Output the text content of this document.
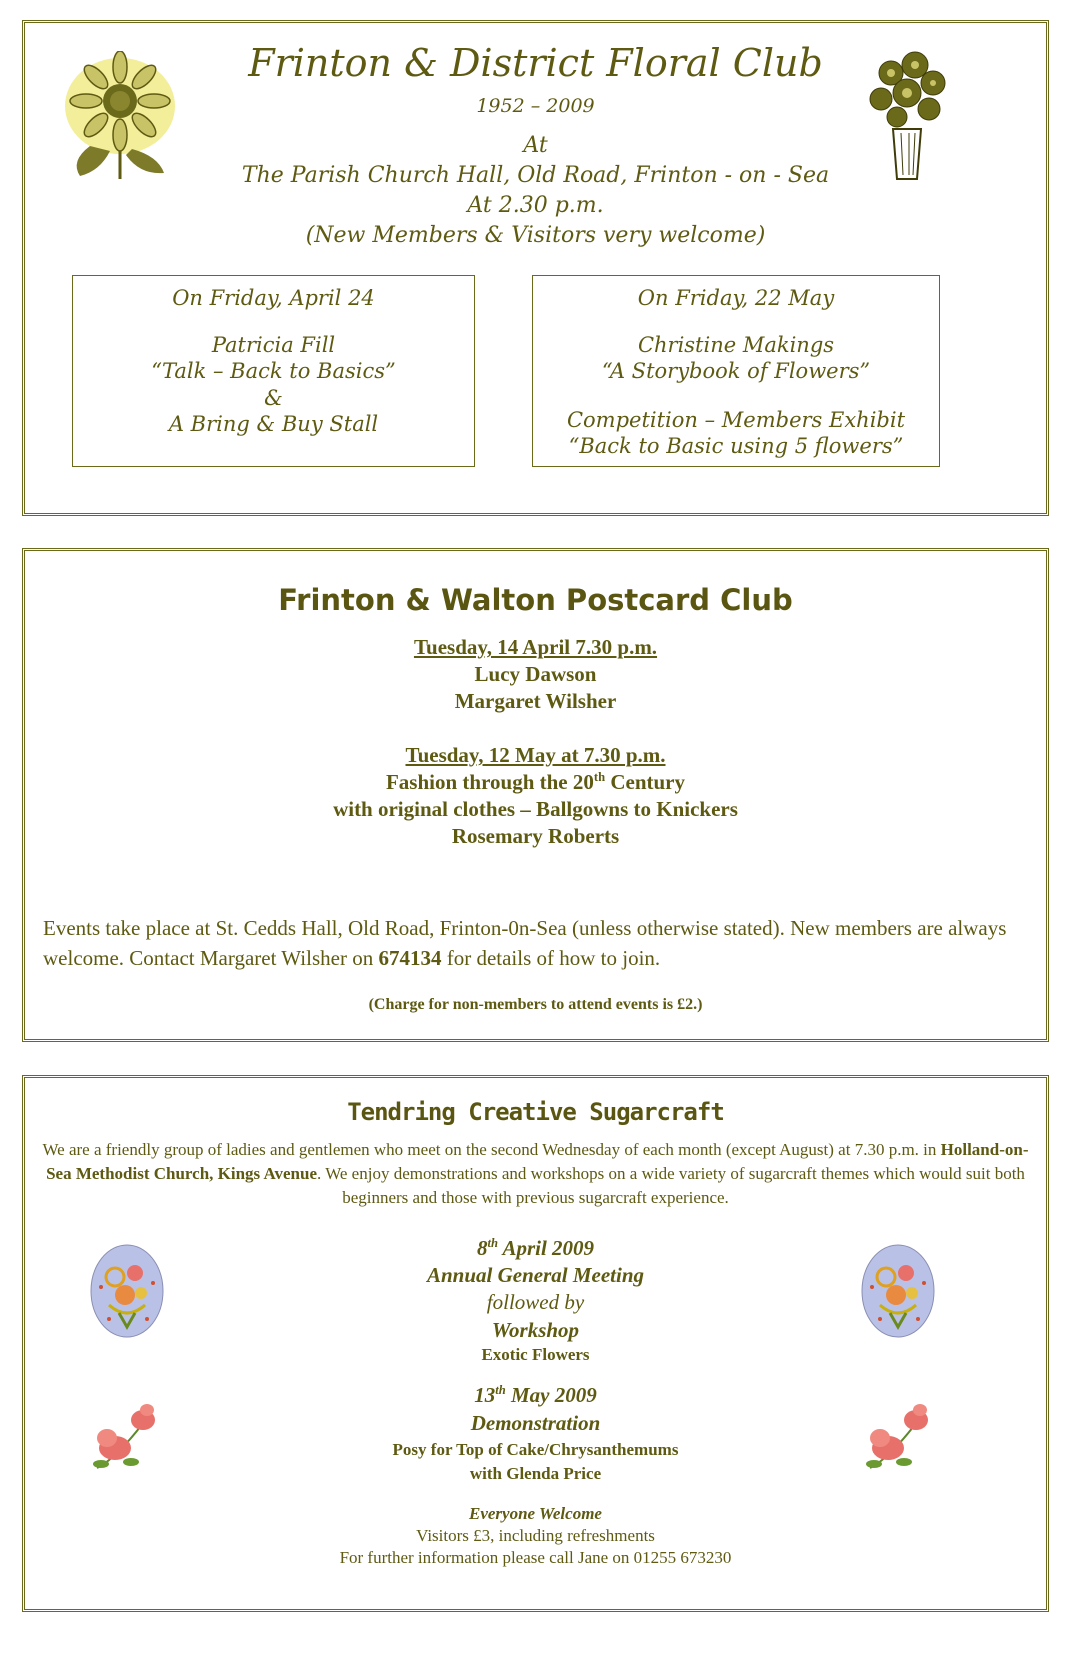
Frinton & District Floral Club
1952 – 2009
At
The Parish Church Hall, Old Road, Frinton - on - Sea
At 2.30 p.m.
(New Members & Visitors very welcome)
On Friday, April 24
Patricia Fill
“Talk – Back to Basics”
&
A Bring & Buy Stall
On Friday, 22 May
Christine Makings
“A Storybook of Flowers”
Competition – Members Exhibit
“Back to Basic using 5 flowers”
Frinton & Walton Postcard Club
Tuesday, 14 April 7.30 p.m.
Lucy Dawson
Margaret Wilsher
Tuesday, 12 May at 7.30 p.m.
Fashion through the 20th Century
with original clothes – Ballgowns to Knickers
Rosemary Roberts
Events take place at St. Cedds Hall, Old Road, Frinton-0n-Sea (unless otherwise stated). New members are always welcome. Contact Margaret Wilsher on 674134 for details of how to join.
(Charge for non-members to attend events is £2.)
Tendring Creative Sugarcraft
We are a friendly group of ladies and gentlemen who meet on the second Wednesday of each month (except August) at 7.30 p.m. in Holland-on-Sea Methodist Church, Kings Avenue. We enjoy demonstrations and workshops on a wide variety of sugarcraft themes which would suit both beginners and those with previous sugarcraft experience.
8th April 2009
Annual General Meeting
followed by
Workshop
Exotic Flowers
13th May 2009
Demonstration
Posy for Top of Cake/Chrysanthemums
with Glenda Price
Everyone Welcome
Visitors £3, including refreshments
For further information please call Jane on 01255 673230
